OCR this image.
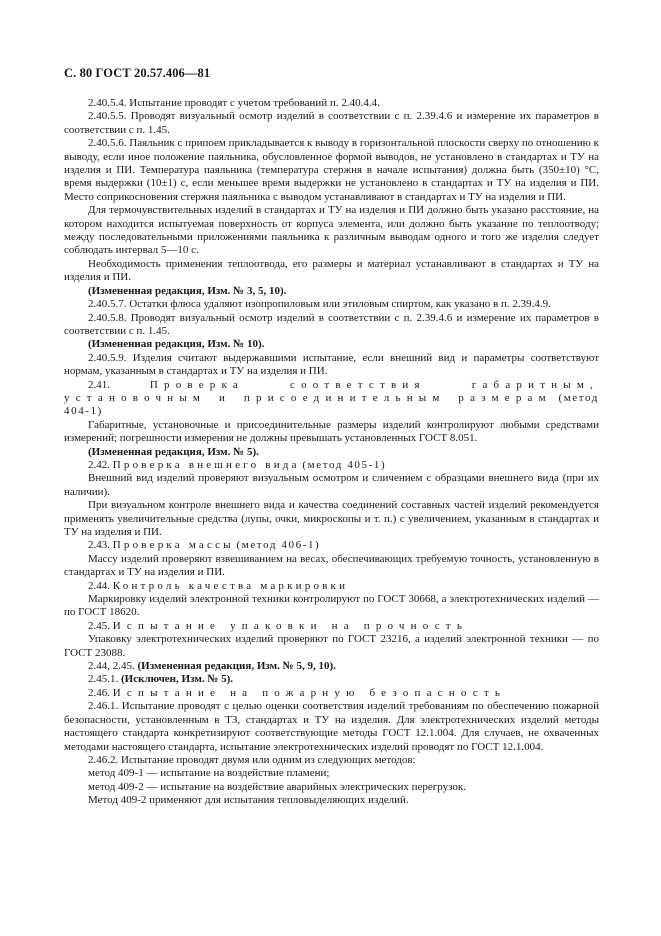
С. 80 ГОСТ 20.57.406—81

2.40.5.4. Испытание проводят с учетом требований п. 2.40.4.4.

2.40.5.5. Проводят визуальный осмотр изделий в соответствии с п. 2.39.4.6 и измерение их параметров в соответствии с п. 1.45.

2.40.5.6. Паяльник с припоем прикладывается к выводу в горизонтальной плоскости сверху по отношению к выводу, если иное положение паяльника, обусловленное формой выводов, не установлено в стандартах и ТУ на изделия и ПИ. Температура паяльника (температура стержня в начале испытания) должна быть (350±10) °С, время выдержки (10±1) с, если меньшее время выдержки не установлено в стандартах и ТУ на изделия и ПИ. Место соприкосновения стержня паяльника с выводом устанавливают в стандартах и ТУ на изделия и ПИ.

Для термочувствительных изделий в стандартах и ТУ на изделия и ПИ должно быть указано расстояние, на котором находится испытуемая поверхность от корпуса элемента, или должно быть указание по теплоотводу; между последовательными приложениями паяльника к различным выводам одного и того же изделия следует соблюдать интервал 5—10 с.

Необходимость применения теплоотвода, его размеры и материал устанавливают в стандартах и ТУ на изделия и ПИ.

(Измененная редакция, Изм. № 3, 5, 10).

2.40.5.7. Остатки флюса удаляют изопропиловым или этиловым спиртом, как указано в п. 2.39.4.9.

2.40.5.8. Проводят визуальный осмотр изделий в соответствии с п. 2.39.4.6 и измерение их параметров в соответствии с п. 1.45.

(Измененная редакция, Изм. № 10).

2.40.5.9. Изделия считают выдержавшими испытание, если внешний вид и параметры соответствуют нормам, указанным в стандартах и ТУ на изделия и ПИ.

2.41.	Проверка соответствия габаритным, установочным и присоединительным размерам (метод 404-1)

Габаритные, установочные и присоединительные размеры изделий контролируют любыми средствами измерений; погрешности измерения не должны превышать установленных ГОСТ 8.051.

(Измененная редакция, Изм. № 5).

2.42. Проверка внешнего вида (метод 405-1)

Внешний вид изделий проверяют визуальным осмотром и сличением с образцами внешнего вида (при их наличии).

При визуальном контроле внешнего вида и качества соединений составных частей изделий рекомендуется применять увеличительные средства (лупы, очки, микроскопы и т. п.) с увеличением, указанным в стандартах и ТУ на изделия и ПИ.

2.43. Проверка массы (метод 406-1)

Массу изделий проверяют взвешиванием на весах, обеспечивающих требуемую точность, установленную в стандартах и ТУ на изделия и ПИ.

2.44. Контроль качества маркировки

Маркировку изделий электронной техники контролируют по ГОСТ 30668, а электротехнических изделий — по ГОСТ 18620.

2.45. Испытание упаковки на прочность

Упаковку электротехнических изделий проверяют по ГОСТ 23216, а изделий электронной техники — по ГОСТ 23088.

2.44, 2.45. (Измененная редакция, Изм. № 5, 9, 10).

2.45.1. (Исключен, Изм. № 5).

2.46. Испытание на пожарную безопасность

2.46.1. Испытание проводят с целью оценки соответствия изделий требованиям по обеспечению пожарной безопасности, установленным в ТЗ, стандартах и ТУ на изделия. Для электротехнических изделий методы настоящего стандарта конкретизируют соответствующие методы ГОСТ 12.1.004. Для случаев, не охваченных методами настоящего стандарта, испытание электротехнических изделий проводят по ГОСТ 12.1.004.

2.46.2. Испытание проводят двумя или одним из следующих методов:

метод 409-1 — испытание на воздействие пламени;

метод 409-2 — испытание на воздействие аварийных электрических перегрузок.

Метод 409-2 применяют для испытания тепловыделяющих изделий.
